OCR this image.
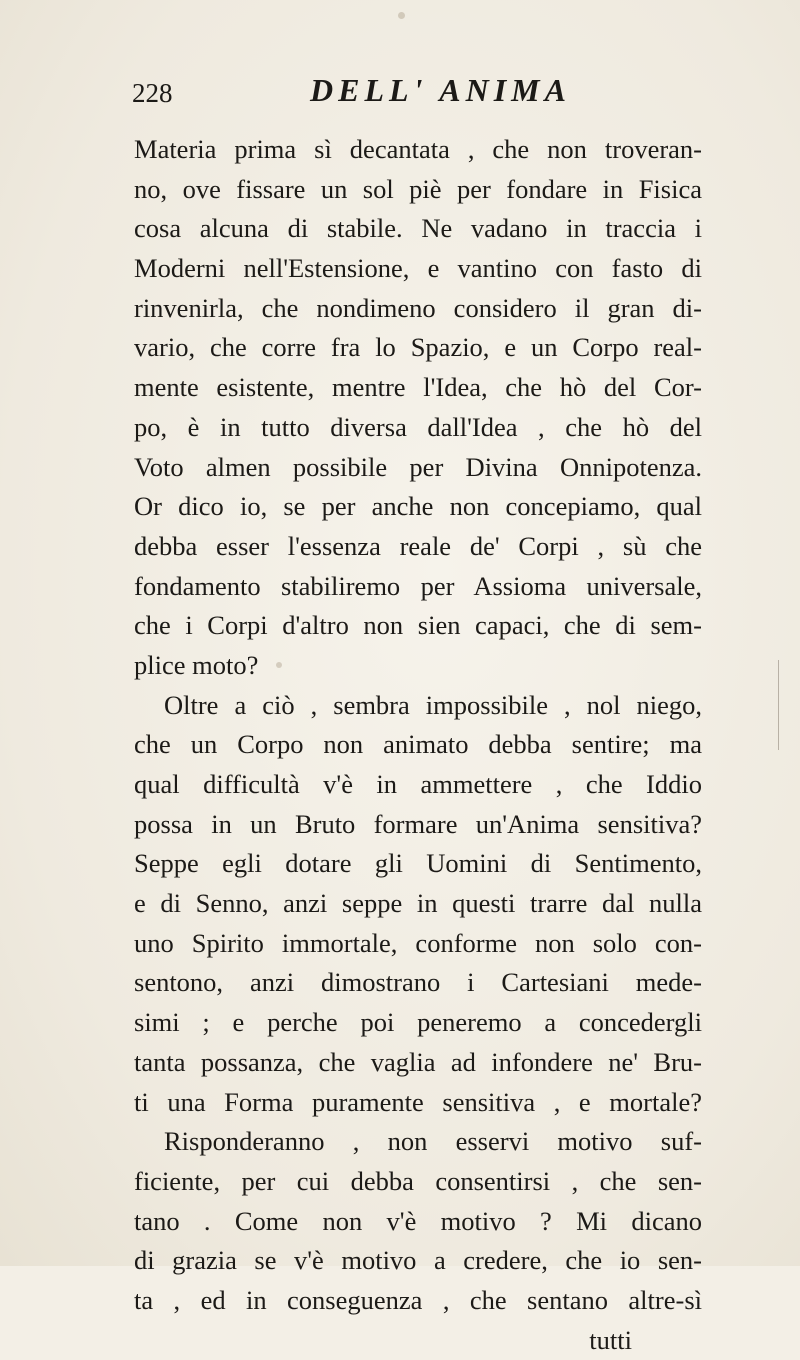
228	DELL' ANIMA
Materia prima sì decantata , che non troveran-
no, ove fissare un sol piè per fondare in Fisica
cosa alcuna di stabile. Ne vadano in traccia i
Moderni nell'Estensione, e vantino con fasto di
rinvenirla, che nondimeno considero il gran di-
vario, che corre fra lo Spazio, e un Corpo real-
mente esistente, mentre l'Idea, che hò del Cor-
po, è in tutto diversa dall'Idea , che hò del
Voto almen possibile per Divina Onnipotenza.
Or dico io, se per anche non concepiamo, qual
debba esser l'essenza reale de' Corpi , sù che
fondamento stabiliremo per Assioma universale,
che i Corpi d'altro non sien capaci, che di sem-
plice moto?
Oltre a ciò , sembra impossibile , nol niego,
che un Corpo non animato debba sentire; ma
qual difficultà v'è in ammettere , che Iddio
possa in un Bruto formare un'Anima sensitiva?
Seppe egli dotare gli Uomini di Sentimento,
e di Senno, anzi seppe in questi trarre dal nulla
uno Spirito immortale, conforme non solo con-
sentono, anzi dimostrano i Cartesiani mede-
simi ; e perche poi peneremo a concedergli
tanta possanza, che vaglia ad infondere ne' Bru-
ti una Forma puramente sensitiva , e mortale?
Risponderanno , non esservi motivo suf-
ficiente, per cui debba consentirsi , che sen-
tano . Come non v'è motivo ? Mi dicano
di grazia se v'è motivo a credere, che io sen-
ta , ed in conseguenza , che sentano altre-sì
tutti
